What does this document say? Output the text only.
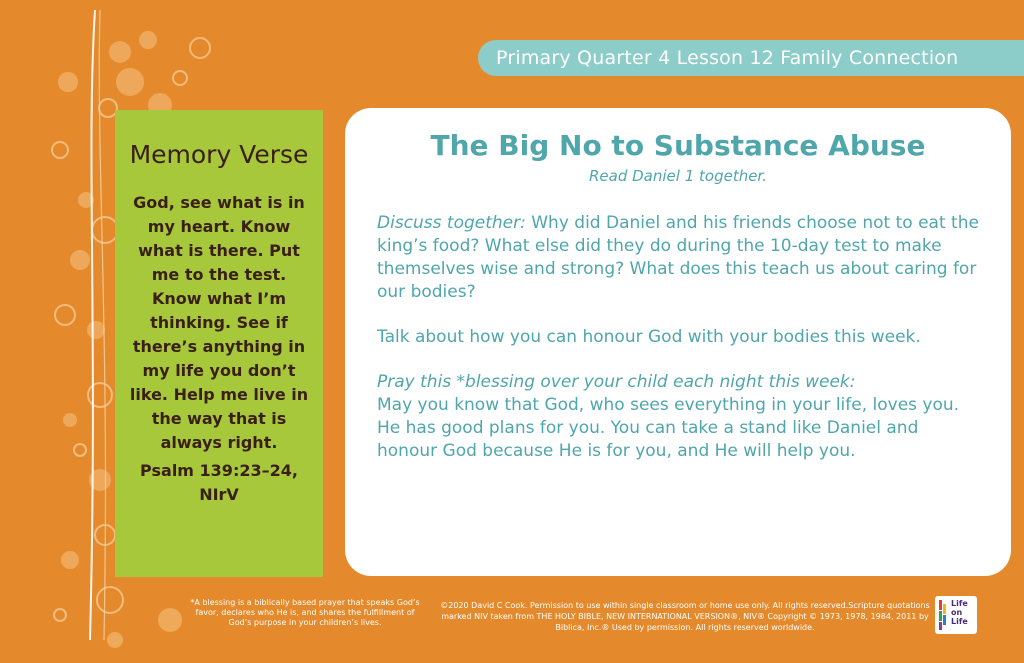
Primary Quarter 4 Lesson 12 Family Connection
Memory Verse
God, see what is in my heart. Know what is there. Put me to the test. Know what I’m thinking. See if there’s anything in my life you don’t like. Help me live in the way that is always right.
Psalm 139:23–24, NIrV
The Big No to Substance Abuse

Read Daniel 1 together.

Discuss together: Why did Daniel and his friends choose not to eat the king’s food? What else did they do during the 10-day test to make themselves wise and strong? What does this teach us about caring for our bodies?

Talk about how you can honour God with your bodies this week.

Pray this *blessing over your child each night this week:
May you know that God, who sees everything in your life, loves you. He has good plans for you. You can take a stand like Daniel and honour God because He is for you, and He will help you.

*A blessing is a biblically based prayer that speaks God’s favor, declares who He is, and shares the fulfillment of God’s purpose in your children’s lives.
©2020 David C Cook. Permission to use within single classroom or home use only. All rights reserved.Scripture quotations marked NIV taken from THE HOLY BIBLE, NEW INTERNATIONAL VERSION®, NIV® Copyright © 1973, 1978, 1984, 2011 by Biblica, Inc.® Used by permission. All rights reserved worldwide.
Life
on
Life
